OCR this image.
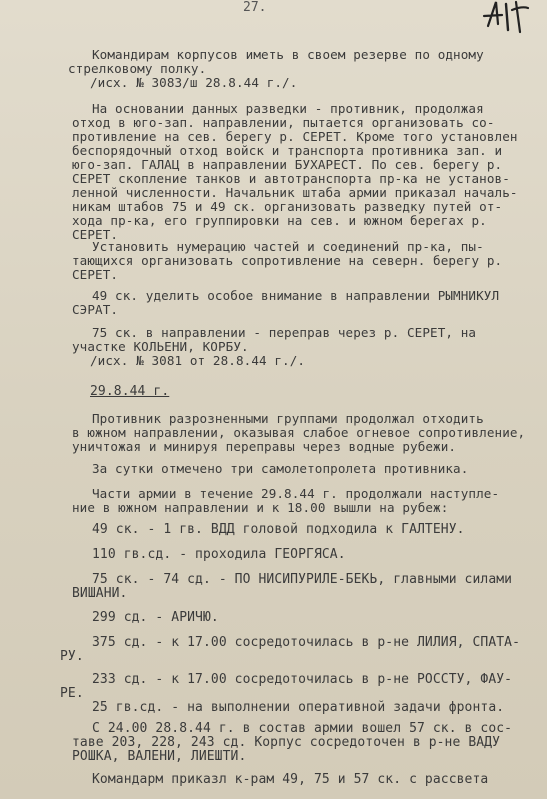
27.
Командирам корпусов иметь в своем резерве по одному
стрелковому полку.
/исх. № 3083/ш 28.8.44 г./.
На основании данных разведки - противник, продолжая
отход в юго-зап. направлении, пытается организовать со-
противление на сев. берегу р. СЕРЕТ. Кроме того установлен
беспорядочный отход войск и транспорта противника зап. и
юго-зап. ГАЛАЦ в направлении БУХАРЕСТ. По сев. берегу р.
СЕРЕТ скопление танков и автотранспорта пр-ка не установ-
ленной численности. Начальник штаба армии приказал началь-
никам штабов 75 и 49 ск. организовать разведку путей от-
хода пр-ка, его группировки на сев. и южном берегах р.
СЕРЕТ.
Установить нумерацию частей и соединений пр-ка, пы-
тающихся организовать сопротивление на северн. берегу р.
СЕРЕТ.
49 ск. уделить особое внимание в направлении РЫМНИКУЛ
СЭРАТ.
75 ск. в направлении - переправ через р. СЕРЕТ, на
участке КОЛЬЕНИ, КОРБУ.
/исх. № 3081 от 28.8.44 г./.
29.8.44 г.
Противник разрозненными группами продолжал отходить
в южном направлении, оказывая слабое огневое сопротивление,
уничтожая и минируя переправы через водные рубежи.
За сутки отмечено три самолетопролета противника.
Части армии в течение 29.8.44 г. продолжали наступле-
ние в южном направлении и к 18.00 вышли на рубеж:
49 ск. - 1 гв. ВДД головой подходила к ГАЛТЕНУ.
110 гв.сд. - проходила ГЕОРГЯСА.
75 ск. - 74 сд. - ПО НИСИПУРИЛЕ-БЕКЬ, главными силами
ВИШАНИ.
299 сд. - АРИЧЮ.
375 сд. - к 17.00 сосредоточилась в р-не ЛИЛИЯ, СПАТА-
РУ.
233 сд. - к 17.00 сосредоточилась в р-не РОССТУ, ФАУ-
РЕ.
25 гв.сд. - на выполнении оперативной задачи фронта.
С 24.00 28.8.44 г. в состав армии вошел 57 ск. в сос-
таве 203, 228, 243 сд. Корпус сосредоточен в р-не ВАДУ
РОШКА, ВАЛЕНИ, ЛИЕШТИ.
Командарм приказл к-рам 49, 75 и 57 ск. с рассвета
